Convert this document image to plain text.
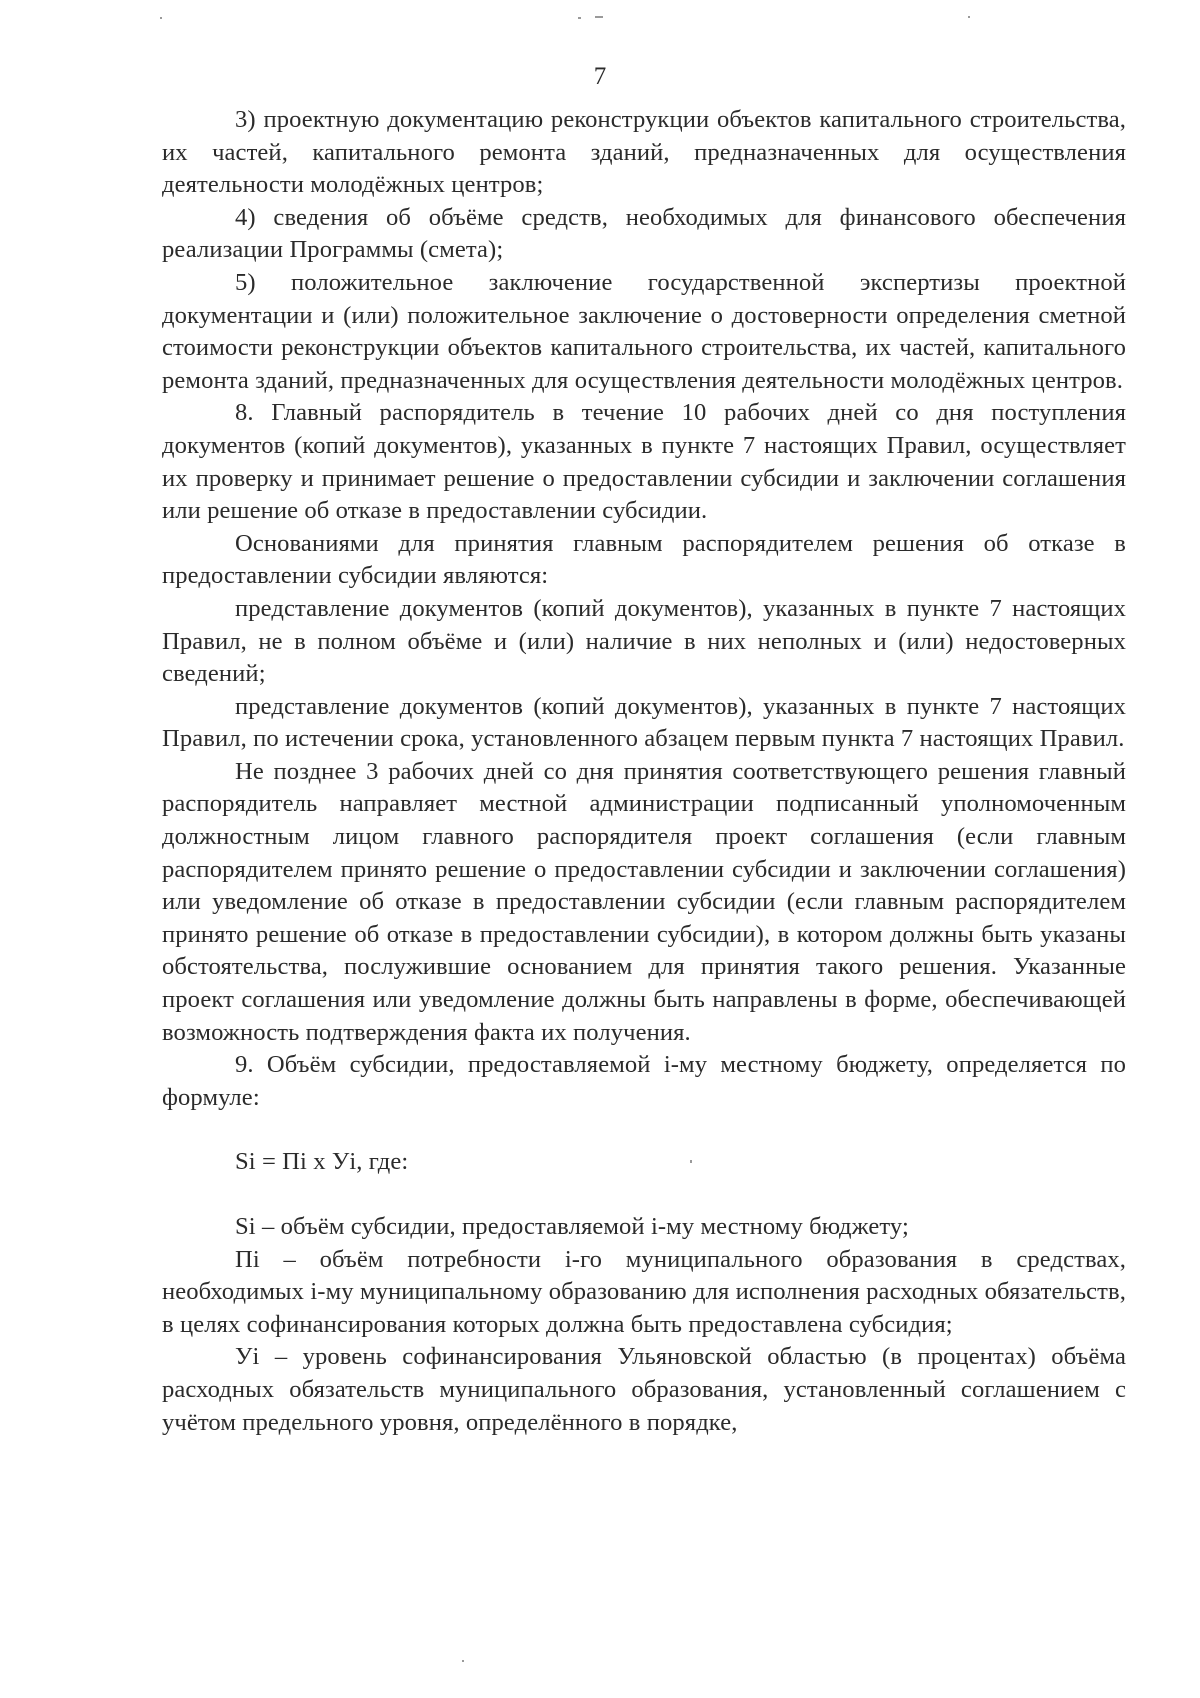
7

3) проектную документацию реконструкции объектов капитального строительства, их частей, капитального ремонта зданий, предназначенных для осуществления деятельности молодёжных центров;

4) сведения об объёме средств, необходимых для финансового обеспечения реализации Программы (смета);

5) положительное заключение государственной экспертизы проектной документации и (или) положительное заключение о достоверности определения сметной стоимости реконструкции объектов капитального строительства, их частей, капитального ремонта зданий, предназначенных для осуществления деятельности молодёжных центров.

8. Главный распорядитель в течение 10 рабочих дней со дня поступления документов (копий документов), указанных в пункте 7 настоящих Правил, осуществляет их проверку и принимает решение о предоставлении субсидии и заключении соглашения или решение об отказе в предоставлении субсидии.

Основаниями для принятия главным распорядителем решения об отказе в предоставлении субсидии являются:

представление документов (копий документов), указанных в пункте 7 настоящих Правил, не в полном объёме и (или) наличие в них неполных и (или) недостоверных сведений;

представление документов (копий документов), указанных в пункте 7 настоящих Правил, по истечении срока, установленного абзацем первым пункта 7 настоящих Правил.

Не позднее 3 рабочих дней со дня принятия соответствующего решения главный распорядитель направляет местной администрации подписанный уполномоченным должностным лицом главного распорядителя проект соглашения (если главным распорядителем принято решение о предоставлении субсидии и заключении соглашения) или уведомление об отказе в предоставлении субсидии (если главным распорядителем принято решение об отказе в предоставлении субсидии), в котором должны быть указаны обстоятельства, послужившие основанием для принятия такого решения. Указанные проект соглашения или уведомление должны быть направлены в форме, обеспечивающей возможность подтверждения факта их получения.

9. Объём субсидии, предоставляемой i-му местному бюджету, определяется по формуле:

Si = Пi x Уi, где:

Si – объём субсидии, предоставляемой i-му местному бюджету;

Пi – объём потребности i-го муниципального образования в средствах, необходимых i-му муниципальному образованию для исполнения расходных обязательств, в целях софинансирования которых должна быть предоставлена субсидия;

Уi – уровень софинансирования Ульяновской областью (в процентах) объёма расходных обязательств муниципального образования, установленный соглашением с учётом предельного уровня, определённого в порядке,
